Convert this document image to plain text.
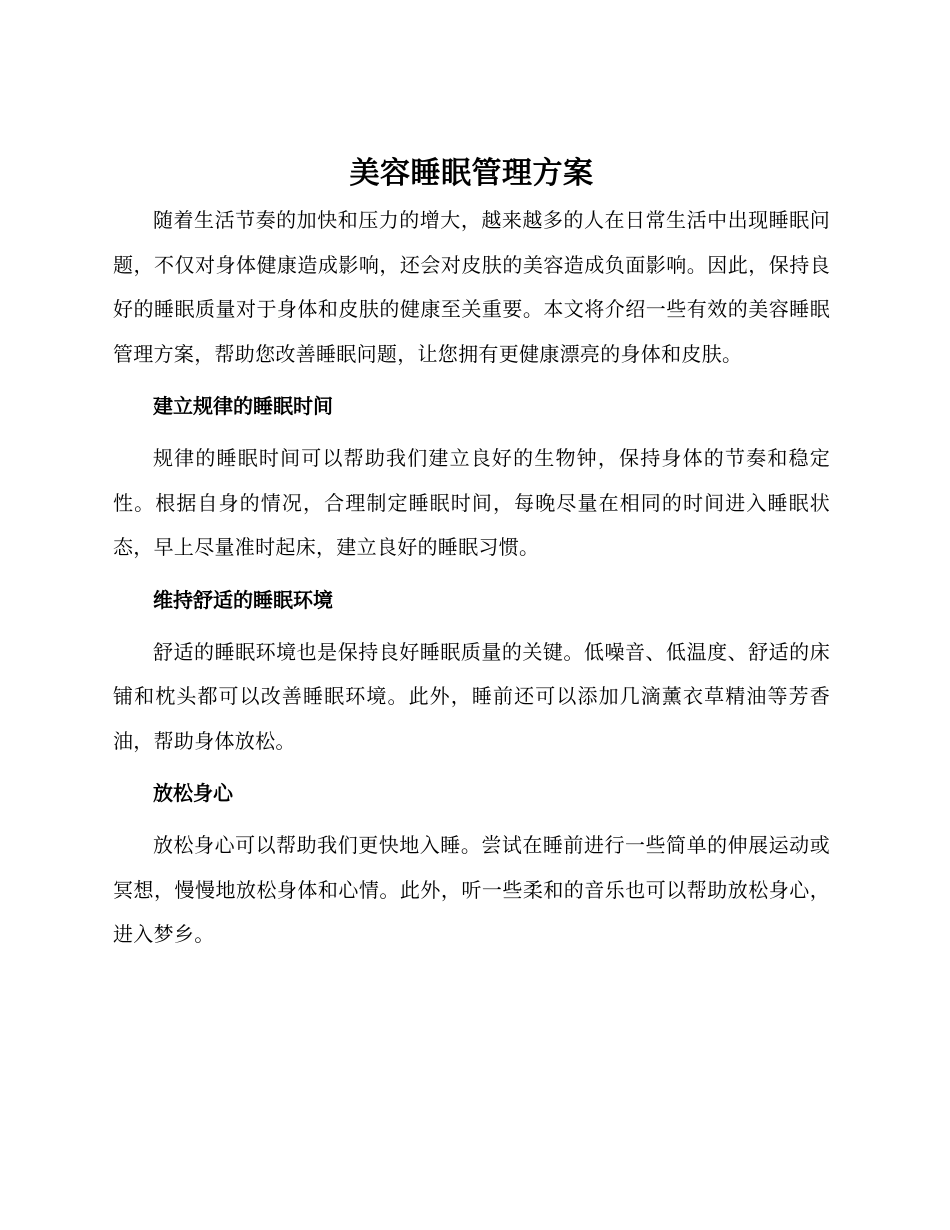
美容睡眠管理方案

随着生活节奏的加快和压力的增大，越来越多的人在日常生活中出现睡眠问题，不仅对身体健康造成影响，还会对皮肤的美容造成负面影响。因此，保持良好的睡眠质量对于身体和皮肤的健康至关重要。本文将介绍一些有效的美容睡眠管理方案，帮助您改善睡眠问题，让您拥有更健康漂亮的身体和皮肤。

建立规律的睡眠时间

规律的睡眠时间可以帮助我们建立良好的生物钟，保持身体的节奏和稳定性。根据自身的情况，合理制定睡眠时间，每晚尽量在相同的时间进入睡眠状态，早上尽量准时起床，建立良好的睡眠习惯。

维持舒适的睡眠环境

舒适的睡眠环境也是保持良好睡眠质量的关键。低噪音、低温度、舒适的床铺和枕头都可以改善睡眠环境。此外，睡前还可以添加几滴薰衣草精油等芳香油，帮助身体放松。

放松身心

放松身心可以帮助我们更快地入睡。尝试在睡前进行一些简单的伸展运动或冥想，慢慢地放松身体和心情。此外，听一些柔和的音乐也可以帮助放松身心，进入梦乡。
